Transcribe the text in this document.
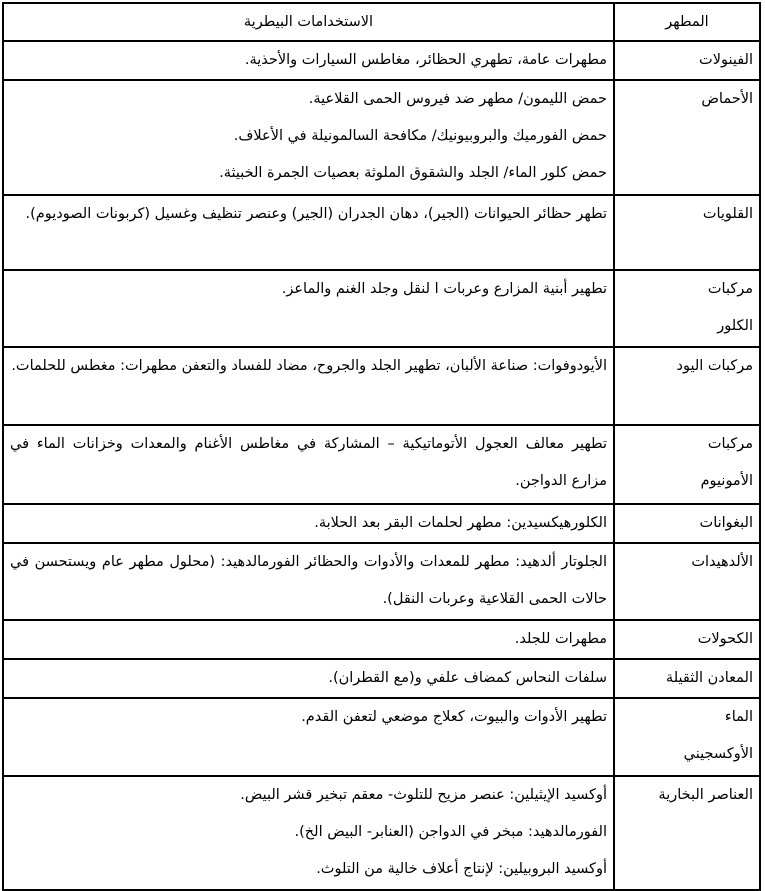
المطهر	الاستخدامات البيطرية
الفينولات	مطهرات عامة، تطهري الحظائر، مغاطس السيارات والأحذية.

الأحماض	حمض الليمون/ مطهر ضد فيروس الحمى القلاعية.
حمض الفورميك والبروبيونيك/ مكافحة السالمونيلة في الأعلاف.
حمض كلور الماء/ الجلد والشقوق الملوثة بعصيات الجمرة الخبيثة.

القلويات	تطهر حظائر الحيوانات (الجير)، دهان الجدران (الجير) وعنصر تنظيف وغسيل (كربونات الصوديوم).

مركبات الكلور	تطهير أبنية المزارع وعربات ا لنقل وجلد الغنم والماعز.

مركبات اليود	الأيودوفوات: صناعة الألبان، تطهير الجلد والجروح، مضاد للفساد والتعفن مطهرات: مغطس للحلمات.

مركبات الأمونيوم	تطهير معالف العجول الأتوماتيكية – المشاركة في مغاطس الأغنام والمعدات وخزانات الماء في مزارع الدواجن.

البغوانات	الكلورهيكسيدين: مطهر لحلمات البقر بعد الحلابة.

الألدهيدات	الجلوتار ألدهيد: مطهر للمعدات والأدوات والحظائر الفورمالدهيد: (محلول مطهر عام ويستحسن في حالات الحمى القلاعية وعربات النقل).

الكحولات	مطهرات للجلد.

المعادن الثقيلة	سلفات النحاس كمضاف علفي و(مع القطران).

الماء الأوكسجيني	تطهير الأدوات والبيوت، كعلاج موضعي لتعفن القدم.

العناصر البخارية	أوكسيد الإيثيلين: عنصر مزيح للتلوث- معقم تبخير قشر البيض.
الفورمالدهيد: مبخر في الدواجن (العنابر- البيض الخ).
أوكسيد البروبيلين: لإنتاج أعلاف خالية من التلوث.
